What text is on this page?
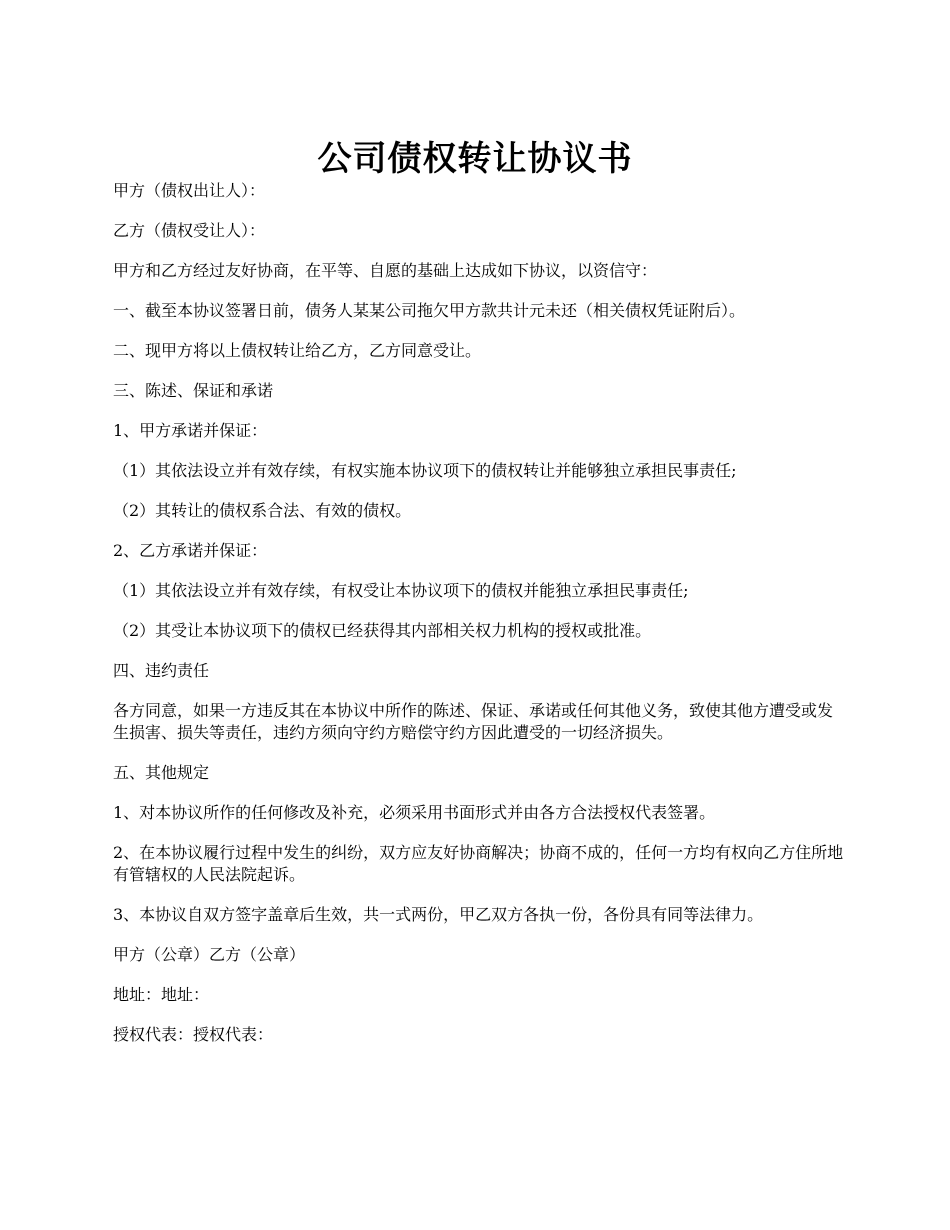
公司债权转让协议书

甲方（债权出让人）：

乙方（债权受让人）：

甲方和乙方经过友好协商，在平等、自愿的基础上达成如下协议，以资信守：

一、截至本协议签署日前，债务人某某公司拖欠甲方款共计元未还（相关债权凭证附后）。

二、现甲方将以上债权转让给乙方，乙方同意受让。

三、陈述、保证和承诺

1、甲方承诺并保证：

（1）其依法设立并有效存续，有权实施本协议项下的债权转让并能够独立承担民事责任;

（2）其转让的债权系合法、有效的债权。

2、乙方承诺并保证：

（1）其依法设立并有效存续，有权受让本协议项下的债权并能独立承担民事责任;

（2）其受让本协议项下的债权已经获得其内部相关权力机构的授权或批准。

四、违约责任

各方同意，如果一方违反其在本协议中所作的陈述、保证、承诺或任何其他义务，致使其他方遭受或发生损害、损失等责任，违约方须向守约方赔偿守约方因此遭受的一切经济损失。

五、其他规定

1、对本协议所作的任何修改及补充，必须采用书面形式并由各方合法授权代表签署。

2、在本协议履行过程中发生的纠纷，双方应友好协商解决；协商不成的，任何一方均有权向乙方住所地有管辖权的人民法院起诉。

3、本协议自双方签字盖章后生效，共一式两份，甲乙双方各执一份，各份具有同等法律力。

甲方（公章）乙方（公章）

地址：地址：

授权代表：授权代表：
